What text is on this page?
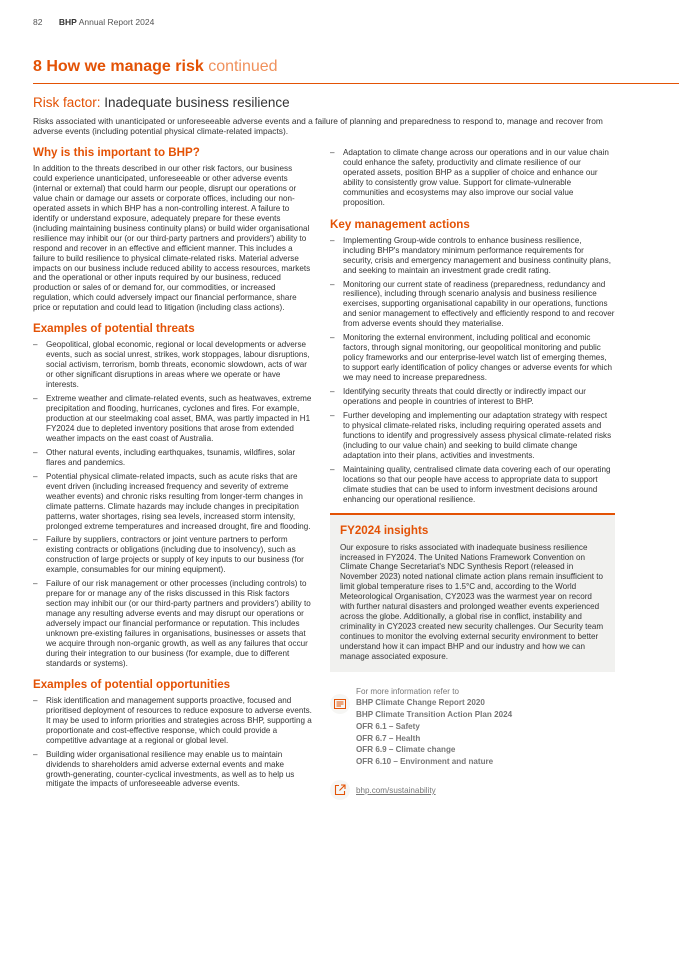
82 BHP Annual Report 2024
8 How we manage risk continued
Risk factor: Inadequate business resilience

Risks associated with unanticipated or unforeseeable adverse events and a failure of planning and preparedness to respond to, manage and recover from adverse events (including potential physical climate-related impacts).

Why is this important to BHP?

In addition to the threats described in our other risk factors, our business could experience unanticipated, unforeseeable or other adverse events (internal or external) that could harm our people, disrupt our operations or value chain or damage our assets or corporate offices, including our non-operated assets in which BHP has a non-controlling interest. A failure to identify or understand exposure, adequately prepare for these events (including maintaining business continuity plans) or build wider organisational resilience may inhibit our (or our third-party partners and providers') ability to respond and recover in an effective and efficient manner. This includes a failure to build resilience to physical climate-related risks. Material adverse impacts on our business include reduced ability to access resources, markets and the operational or other inputs required by our business, reduced production or sales of or demand for, our commodities, or increased regulation, which could adversely impact our financial performance, share price or reputation and could lead to litigation (including class actions).

Examples of potential threats
– Geopolitical, global economic, regional or local developments or adverse events, such as social unrest, strikes, work stoppages, labour disruptions, social activism, terrorism, bomb threats, economic slowdown, acts of war or other significant disruptions in areas where we operate or have interests.
– Extreme weather and climate-related events, such as heatwaves, extreme precipitation and flooding, hurricanes, cyclones and fires. For example, production at our steelmaking coal asset, BMA, was partly impacted in H1 FY2024 due to depleted inventory positions that arose from extended weather impacts on the east coast of Australia.
– Other natural events, including earthquakes, tsunamis, wildfires, solar flares and pandemics.
– Potential physical climate-related impacts, such as acute risks that are event driven (including increased frequency and severity of extreme weather events) and chronic risks resulting from longer-term changes in climate patterns. Climate hazards may include changes in precipitation patterns, water shortages, rising sea levels, increased storm intensity, prolonged extreme temperatures and increased drought, fire and flooding.
– Failure by suppliers, contractors or joint venture partners to perform existing contracts or obligations (including due to insolvency), such as construction of large projects or supply of key inputs to our business (for example, consumables for our mining equipment).
– Failure of our risk management or other processes (including controls) to prepare for or manage any of the risks discussed in this Risk factors section may inhibit our (or our third-party partners and providers') ability to manage any resulting adverse events and may disrupt our operations or adversely impact our financial performance or reputation. This includes unknown pre-existing failures in organisations, businesses or assets that we acquire through non-organic growth, as well as any failures that occur during their integration to our business (for example, due to different standards or systems).
Examples of potential opportunities
– Risk identification and management supports proactive, focused and prioritised deployment of resources to reduce exposure to adverse events. It may be used to inform priorities and strategies across BHP, supporting a proportionate and cost-effective response, which could provide a competitive advantage at a regional or global level.
– Building wider organisational resilience may enable us to maintain dividends to shareholders amid adverse external events and make growth-generating, counter-cyclical investments, as well as to help us mitigate the impacts of unforeseeable adverse events.
– Adaptation to climate change across our operations and in our value chain could enhance the safety, productivity and climate resilience of our operated assets, position BHP as a supplier of choice and enhance our ability to consistently grow value. Support for climate-vulnerable communities and ecosystems may also improve our social value proposition.
Key management actions
– Implementing Group-wide controls to enhance business resilience, including BHP's mandatory minimum performance requirements for security, crisis and emergency management and business continuity plans, and seeking to maintain an investment grade credit rating.
– Monitoring our current state of readiness (preparedness, redundancy and resilience), including through scenario analysis and business resilience exercises, supporting organisational capability in our operations, functions and senior management to effectively and efficiently respond to and recover from adverse events should they materialise.
– Monitoring the external environment, including political and economic factors, through signal monitoring, our geopolitical monitoring and public policy frameworks and our enterprise-level watch list of emerging themes, to support early identification of policy changes or adverse events for which we may need to increase preparedness.
– Identifying security threats that could directly or indirectly impact our operations and people in countries of interest to BHP.
– Further developing and implementing our adaptation strategy with respect to physical climate-related risks, including requiring operated assets and functions to identify and progressively assess physical climate-related risks (including to our value chain) and seeking to build climate change adaptation into their plans, activities and investments.
– Maintaining quality, centralised climate data covering each of our operating locations so that our people have access to appropriate data to support climate studies that can be used to inform investment decisions around enhancing our operational resilience.
FY2024 insights

Our exposure to risks associated with inadequate business resilience increased in FY2024. The United Nations Framework Convention on Climate Change Secretariat's NDC Synthesis Report (released in November 2023) noted national climate action plans remain insufficient to limit global temperature rises to 1.5°C and, according to the World Meteorological Organisation, CY2023 was the warmest year on record with further natural disasters and prolonged weather events experienced across the globe. Additionally, a global rise in conflict, instability and criminality in CY2023 created new security challenges. Our Security team continues to monitor the evolving external security environment to better understand how it can impact BHP and our industry and how we can manage associated exposure.

For more information refer to
BHP Climate Change Report 2020
BHP Climate Transition Action Plan 2024
OFR 6.1 – Safety
OFR 6.7 – Health
OFR 6.9 – Climate change
OFR 6.10 – Environment and nature
bhp.com/sustainability
